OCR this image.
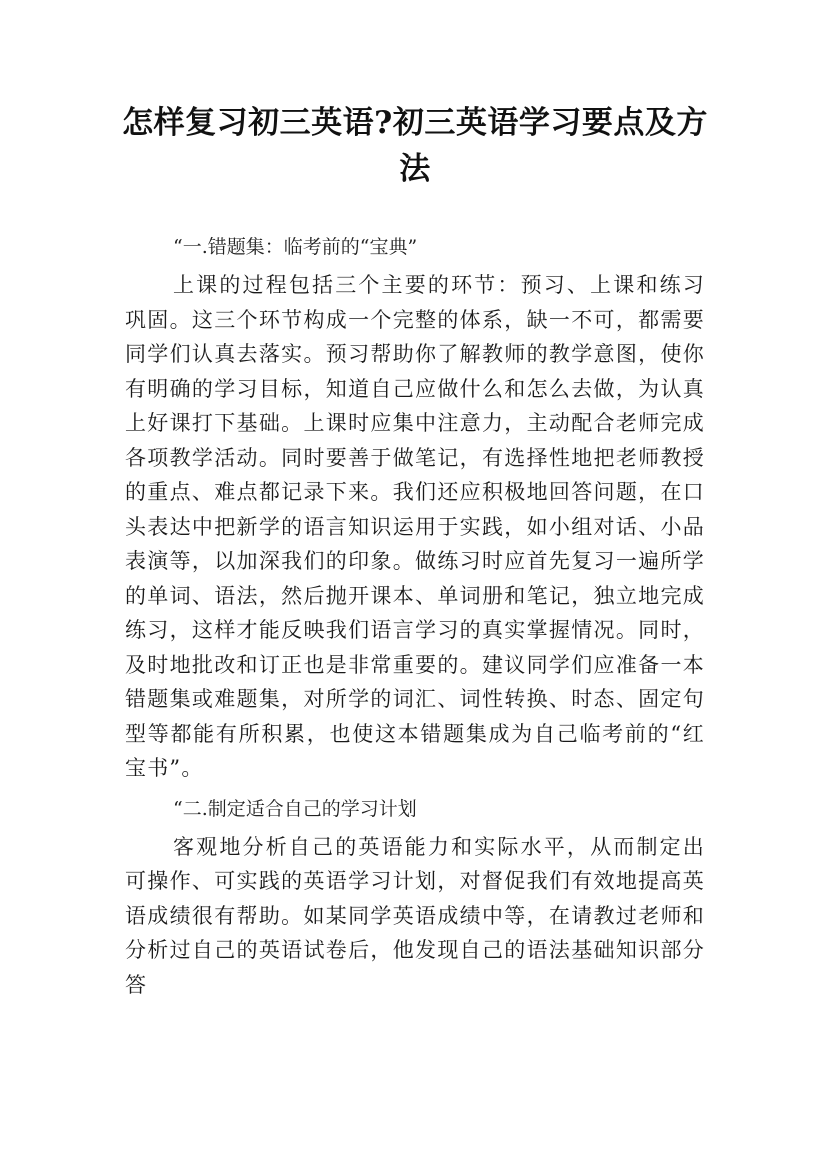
怎样复习初三英语?初三英语学习要点及方法

“一.错题集：临考前的“宝典”

上课的过程包括三个主要的环节：预习、上课和练习巩固。这三个环节构成一个完整的体系，缺一不可，都需要同学们认真去落实。预习帮助你了解教师的教学意图，使你有明确的学习目标，知道自己应做什么和怎么去做，为认真上好课打下基础。上课时应集中注意力，主动配合老师完成各项教学活动。同时要善于做笔记，有选择性地把老师教授的重点、难点都记录下来。我们还应积极地回答问题，在口头表达中把新学的语言知识运用于实践，如小组对话、小品表演等，以加深我们的印象。做练习时应首先复习一遍所学的单词、语法，然后抛开课本、单词册和笔记，独立地完成练习，这样才能反映我们语言学习的真实掌握情况。同时，及时地批改和订正也是非常重要的。建议同学们应准备一本错题集或难题集，对所学的词汇、词性转换、时态、固定句型等都能有所积累，也使这本错题集成为自己临考前的“红宝书”。

“二.制定适合自己的学习计划

客观地分析自己的英语能力和实际水平，从而制定出可操作、可实践的英语学习计划，对督促我们有效地提高英语成绩很有帮助。如某同学英语成绩中等，在请教过老师和分析过自己的英语试卷后，他发现自己的语法基础知识部分答
